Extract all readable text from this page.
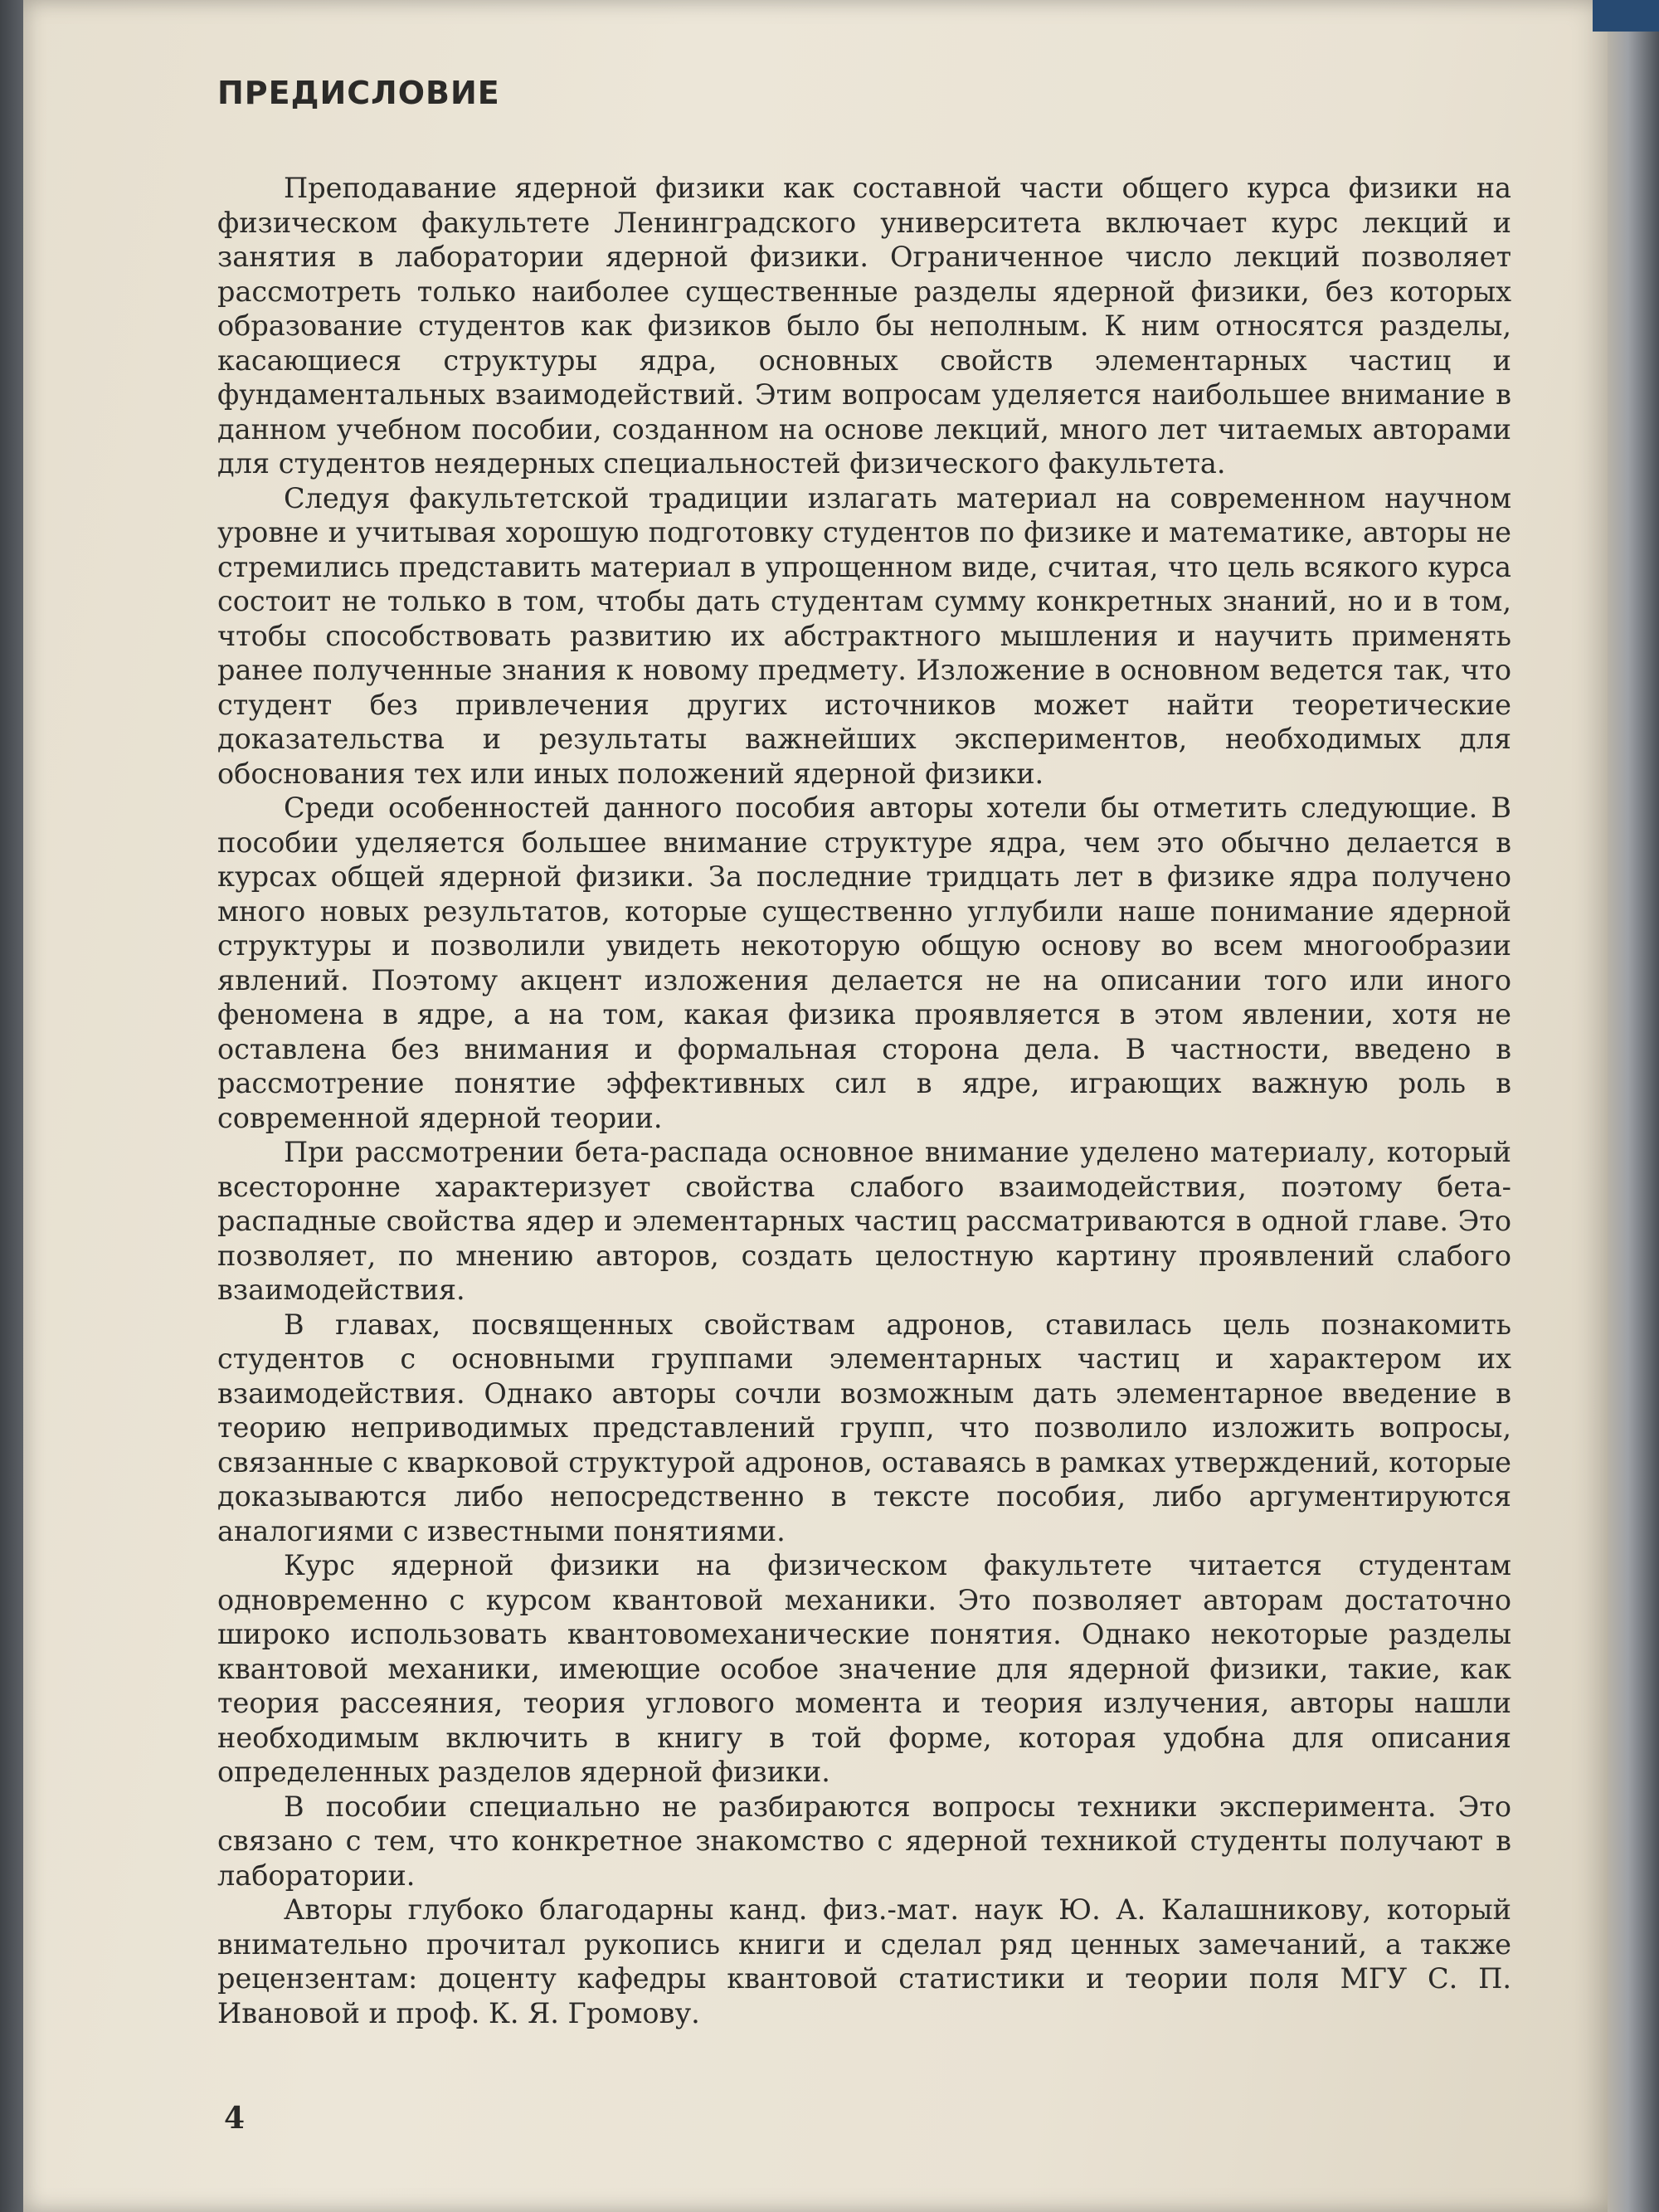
ПРЕДИСЛОВИЕ

Преподавание ядерной физики как составной части общего курса физики на физическом факультете Ленинградского университета включает курс лекций и занятия в лаборатории ядерной физики. Ограниченное число лекций позволяет рассмотреть только наиболее существенные разделы ядерной физики, без которых образование студентов как физиков было бы неполным. К ним относятся разделы, касающиеся структуры ядра, основных свойств элементарных частиц и фундаментальных взаимодействий. Этим вопросам уделяется наибольшее внимание в данном учебном пособии, созданном на основе лекций, много лет читаемых авторами для студентов неядерных специальностей физического факультета.

Следуя факультетской традиции излагать материал на современном научном уровне и учитывая хорошую подготовку студентов по физике и математике, авторы не стремились представить материал в упрощенном виде, считая, что цель всякого курса состоит не только в том, чтобы дать студентам сумму конкретных знаний, но и в том, чтобы способствовать развитию их абстрактного мышления и научить применять ранее полученные знания к новому предмету. Изложение в основном ведется так, что студент без привлечения других источников может найти теоретические доказательства и результаты важнейших экспериментов, необходимых для обоснования тех или иных положений ядерной физики.

Среди особенностей данного пособия авторы хотели бы отметить следующие. В пособии уделяется большее внимание структуре ядра, чем это обычно делается в курсах общей ядерной физики. За последние тридцать лет в физике ядра получено много новых результатов, которые существенно углубили наше понимание ядерной структуры и позволили увидеть некоторую общую основу во всем многообразии явлений. Поэтому акцент изложения делается не на описании того или иного феномена в ядре, а на том, какая физика проявляется в этом явлении, хотя не оставлена без внимания и формальная сторона дела. В частности, введено в рассмотрение понятие эффективных сил в ядре, играющих важную роль в современной ядерной теории.

При рассмотрении бета-распада основное внимание уделено материалу, который всесторонне характеризует свойства слабого взаимодействия, поэтому бета-распадные свойства ядер и элементарных частиц рассматриваются в одной главе. Это позволяет, по мнению авторов, создать целостную картину проявлений слабого взаимодействия.

В главах, посвященных свойствам адронов, ставилась цель познакомить студентов с основными группами элементарных частиц и характером их взаимодействия. Однако авторы сочли возможным дать элементарное введение в теорию неприводимых представлений групп, что позволило изложить вопросы, связанные с кварковой структурой адронов, оставаясь в рамках утверждений, которые доказываются либо непосредственно в тексте пособия, либо аргументируются аналогиями с известными понятиями.

Курс ядерной физики на физическом факультете читается студентам одновременно с курсом квантовой механики. Это позволяет авторам достаточно широко использовать квантовомеханические понятия. Однако некоторые разделы квантовой механики, имеющие особое значение для ядерной физики, такие, как теория рассеяния, теория углового момента и теория излучения, авторы нашли необходимым включить в книгу в той форме, которая удобна для описания определенных разделов ядерной физики.

В пособии специально не разбираются вопросы техники эксперимента. Это связано с тем, что конкретное знакомство с ядерной техникой студенты получают в лаборатории.

Авторы глубоко благодарны канд. физ.-мат. наук Ю. А. Калашникову, который внимательно прочитал рукопись книги и сделал ряд ценных замечаний, а также рецензентам: доценту кафедры квантовой статистики и теории поля МГУ С. П. Ивановой и проф. К. Я. Громову.

4
